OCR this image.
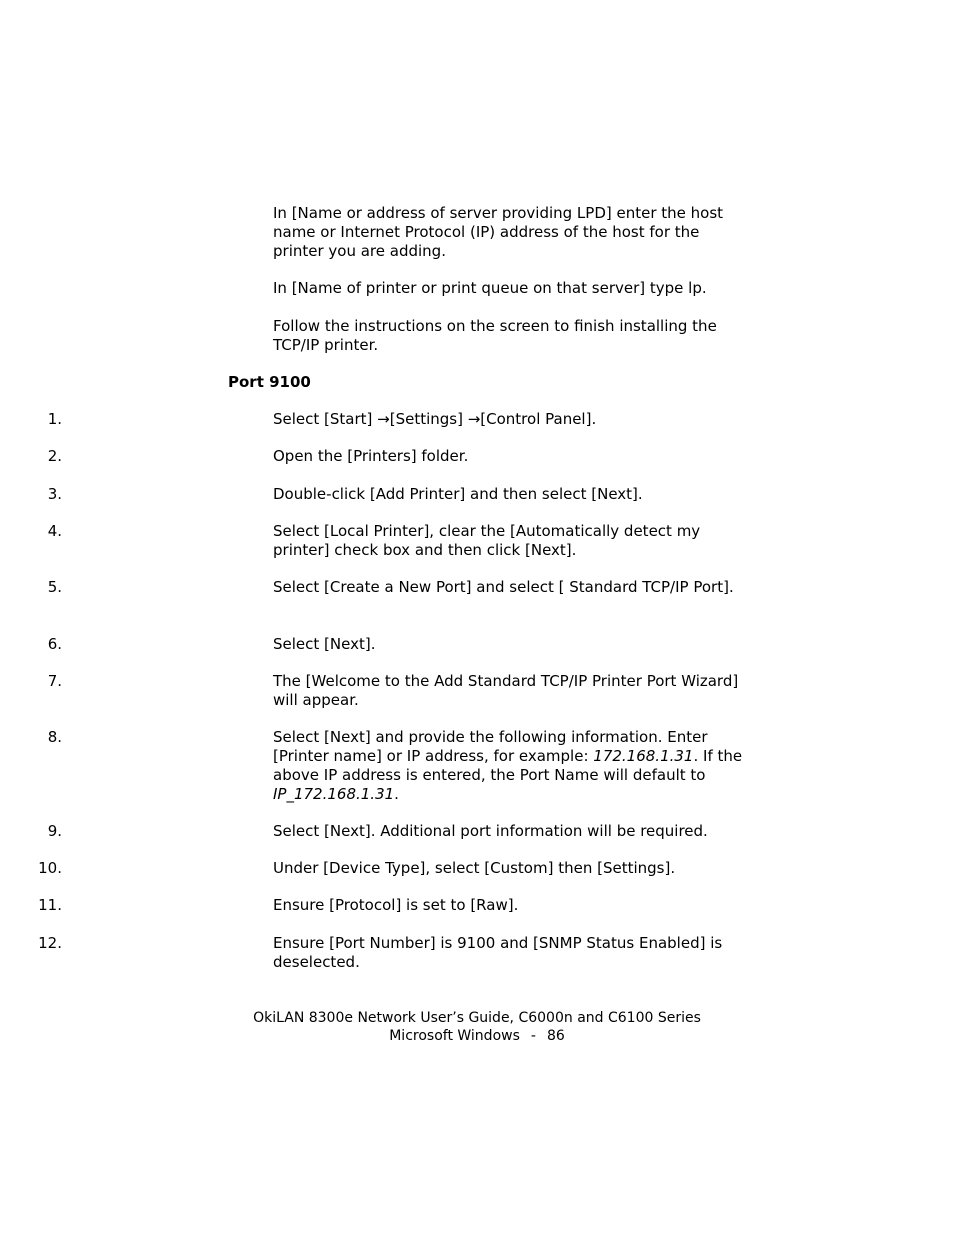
In [Name or address of server providing LPD] enter the host name or Internet Protocol (IP) address of the host for the printer you are adding.

In [Name of printer or print queue on that server] type lp.

Follow the instructions on the screen to finish installing the TCP/IP printer.

Port 9100
1.	Select [Start] →[Settings] →[Control Panel].
2.	Open the [Printers] folder.
3.	Double-click [Add Printer] and then select [Next].
4.	Select [Local Printer], clear the [Automatically detect my printer] check box and then click [Next].
5.	Select [Create a New Port] and select [ Standard TCP/IP Port].
6.	Select [Next].
7.	The [Welcome to the Add Standard TCP/IP Printer Port Wizard] will appear.
8.	Select [Next] and provide the following information. Enter [Printer name] or IP address, for example: 172.168.1.31. If the above IP address is entered, the Port Name will default to IP_172.168.1.31.
9.	Select [Next]. Additional port information will be required.
10.	Under [Device Type], select [Custom] then [Settings].
11.	Ensure [Protocol] is set to [Raw].
12.	Ensure [Port Number] is 9100 and [SNMP Status Enabled] is deselected.
OkiLAN 8300e Network User’s Guide, C6000n and C6100 Series
Microsoft Windows - 86
